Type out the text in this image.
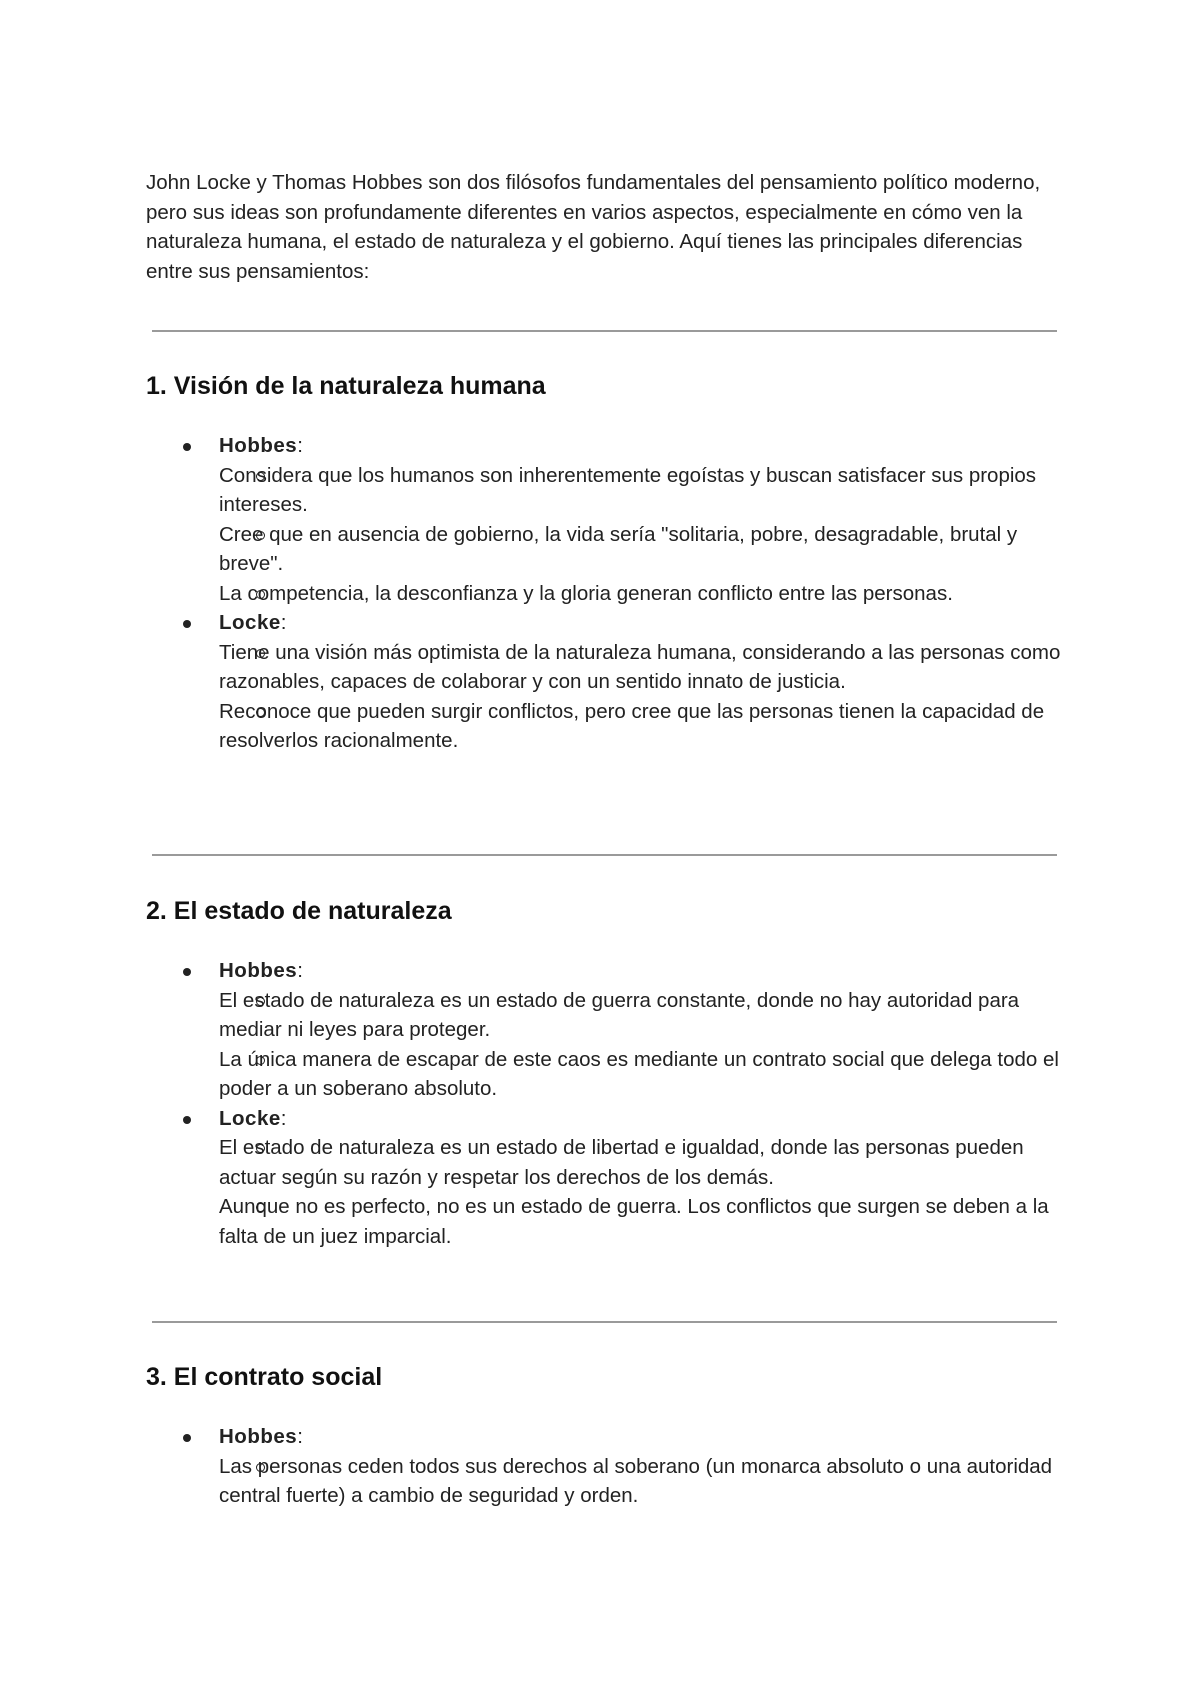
John Locke y Thomas Hobbes son dos filósofos fundamentales del pensamiento político moderno, pero sus ideas son profundamente diferentes en varios aspectos, especialmente en cómo ven la naturaleza humana, el estado de naturaleza y el gobierno. Aquí tienes las principales diferencias entre sus pensamientos:

1. Visión de la naturaleza humana
Hobbes:
Considera que los humanos son inherentemente egoístas y buscan satisfacer sus propios intereses.
Cree que en ausencia de gobierno, la vida sería "solitaria, pobre, desagradable, brutal y breve".
La competencia, la desconfianza y la gloria generan conflicto entre las personas.
Locke:
Tiene una visión más optimista de la naturaleza humana, considerando a las personas como razonables, capaces de colaborar y con un sentido innato de justicia.
Reconoce que pueden surgir conflictos, pero cree que las personas tienen la capacidad de resolverlos racionalmente.
2. El estado de naturaleza
Hobbes:
El estado de naturaleza es un estado de guerra constante, donde no hay autoridad para mediar ni leyes para proteger.
La única manera de escapar de este caos es mediante un contrato social que delega todo el poder a un soberano absoluto.
Locke:
El estado de naturaleza es un estado de libertad e igualdad, donde las personas pueden actuar según su razón y respetar los derechos de los demás.
Aunque no es perfecto, no es un estado de guerra. Los conflictos que surgen se deben a la falta de un juez imparcial.
3. El contrato social
Hobbes:
Las personas ceden todos sus derechos al soberano (un monarca absoluto o una autoridad central fuerte) a cambio de seguridad y orden.
